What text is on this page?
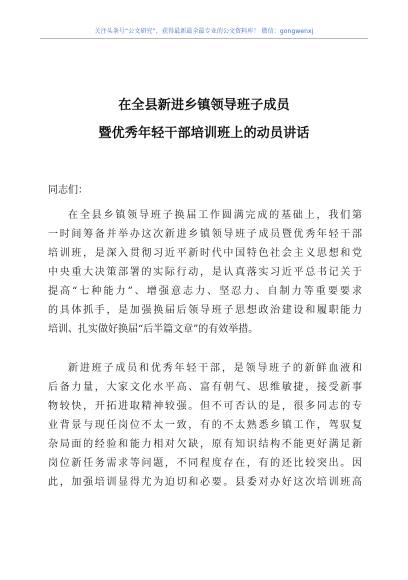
关注头条号“公文研究”，获得最新最全最专业的公文资料库！ 微信：gongwenxj
在全县新进乡镇领导班子成员
暨优秀年轻干部培训班上的动员讲话
同志们：
在全县乡镇领导班子换届工作圆满完成的基础上，我们第
一时间筹备并举办这次新进乡镇领导班子成员暨优秀年轻干部
培训班，是深入贯彻习近平新时代中国特色社会主义思想和党
中央重大决策部署的实际行动，是认真落实习近平总书记关于
提高“七种能力”、增强意志力、坚忍力、自制力等重要要求
的具体抓手，是加强换届后领导班子思想政治建设和履职能力
培训、扎实做好换届“后半篇文章”的有效举措。
新进班子成员和优秀年轻干部，是领导班子的新鲜血液和
后备力量，大家文化水平高、富有朝气、思维敏捷，接受新事
物较快，开拓进取精神较强。但不可否认的是，很多同志的专
业背景与现任岗位不太一致，有的不太熟悉乡镇工作，驾驭复
杂局面的经验和能力相对欠缺，原有知识结构不能更好满足新
岗位新任务需求等问题，不同程度存在，有的还比较突出。因
此，加强培训显得尤为迫切和必要。县委对办好这次培训班高
